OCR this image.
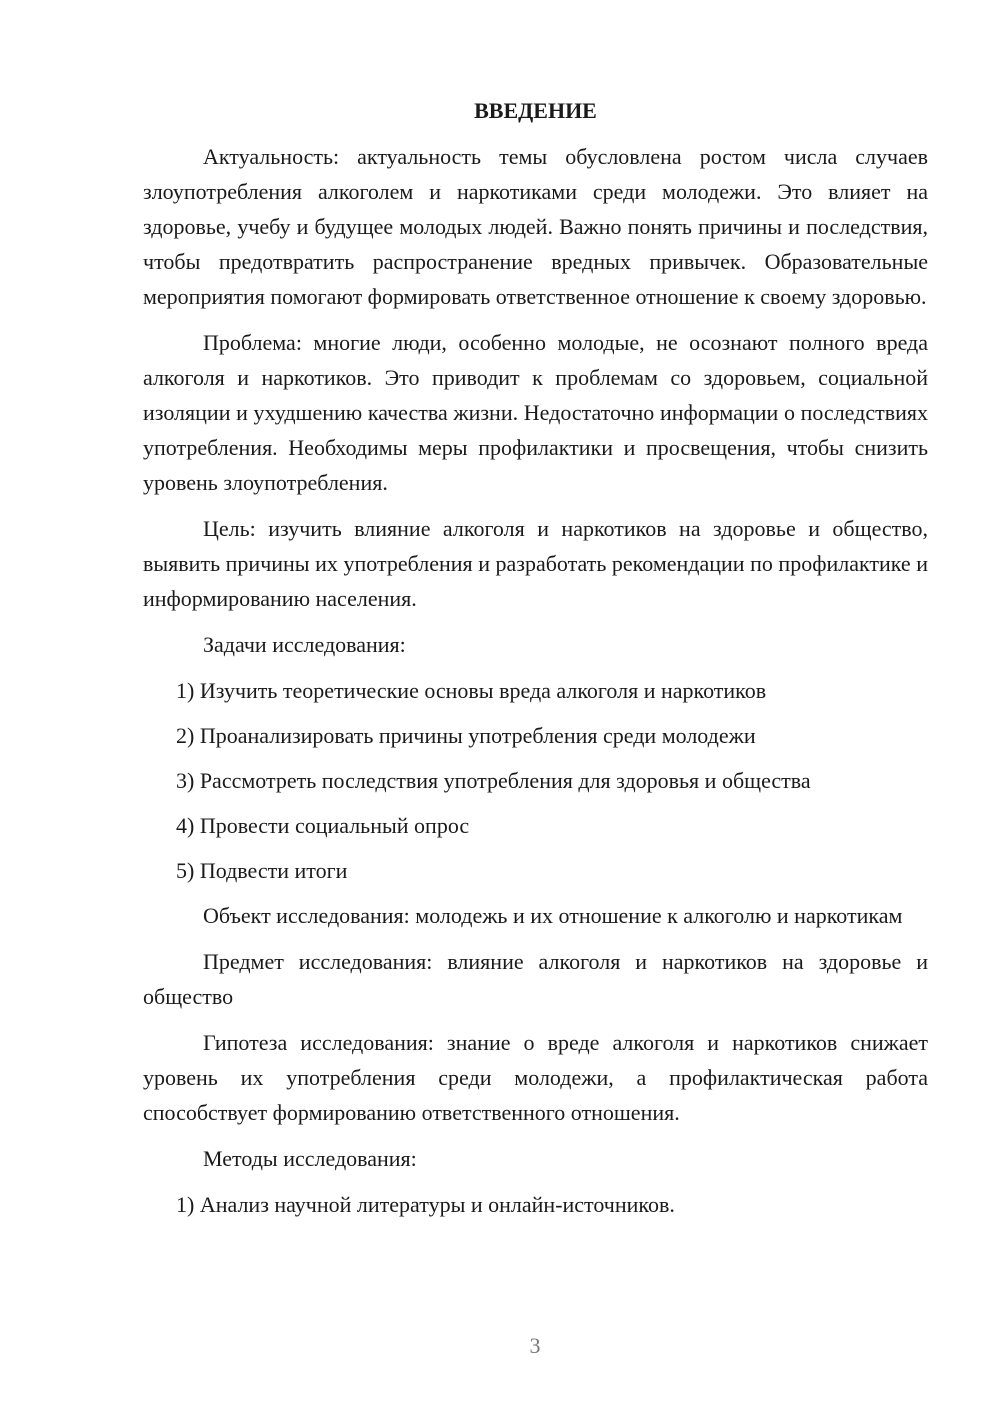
ВВЕДЕНИЕ

Актуальность: актуальность темы обусловлена ростом числа случаев злоупотребления алкоголем и наркотиками среди молодежи. Это влияет на здоровье, учебу и будущее молодых людей. Важно понять причины и последствия, чтобы предотвратить распространение вредных привычек. Образовательные мероприятия помогают формировать ответственное отношение к своему здоровью.

Проблема: многие люди, особенно молодые, не осознают полного вреда алкоголя и наркотиков. Это приводит к проблемам со здоровьем, социальной изоляции и ухудшению качества жизни. Недостаточно информации о последствиях употребления. Необходимы меры профилактики и просвещения, чтобы снизить уровень злоупотребления.

Цель: изучить влияние алкоголя и наркотиков на здоровье и общество, выявить причины их употребления и разработать рекомендации по профилактике и информированию населения.

Задачи исследования:

1) Изучить теоретические основы вреда алкоголя и наркотиков

2) Проанализировать причины употребления среди молодежи

3) Рассмотреть последствия употребления для здоровья и общества

4) Провести социальный опрос

5) Подвести итоги

Объект исследования: молодежь и их отношение к алкоголю и наркотикам

Предмет исследования: влияние алкоголя и наркотиков на здоровье и общество

Гипотеза исследования: знание о вреде алкоголя и наркотиков снижает уровень их употребления среди молодежи, а профилактическая работа способствует формированию ответственного отношения.

Методы исследования:

1) Анализ научной литературы и онлайн-источников.

3
